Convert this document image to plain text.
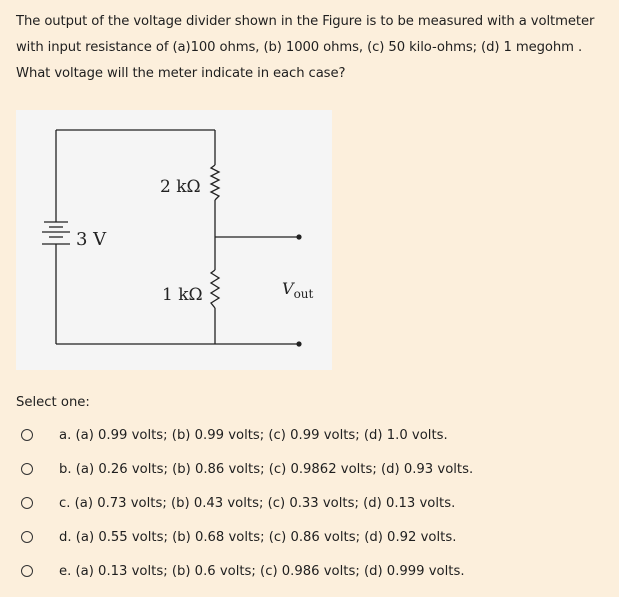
The output of the voltage divider shown in the Figure is to be measured with a voltmeter with input resistance of (a)100 ohms, (b) 1000 ohms, (c) 50 kilo-ohms; (d) 1 megohm . What voltage will the meter indicate in each case?
3 V
2 kΩ
1 kΩ	$V_{out}$
Select one:
a. (a) 0.99 volts; (b) 0.99 volts; (c) 0.99 volts; (d) 1.0 volts.
b. (a) 0.26 volts; (b) 0.86 volts; (c) 0.9862 volts; (d) 0.93 volts.
c. (a) 0.73 volts; (b) 0.43 volts; (c) 0.33 volts; (d) 0.13 volts.
d. (a) 0.55 volts; (b) 0.68 volts; (c) 0.86 volts; (d) 0.92 volts.
e. (a) 0.13 volts; (b) 0.6 volts; (c) 0.986 volts; (d) 0.999 volts.
